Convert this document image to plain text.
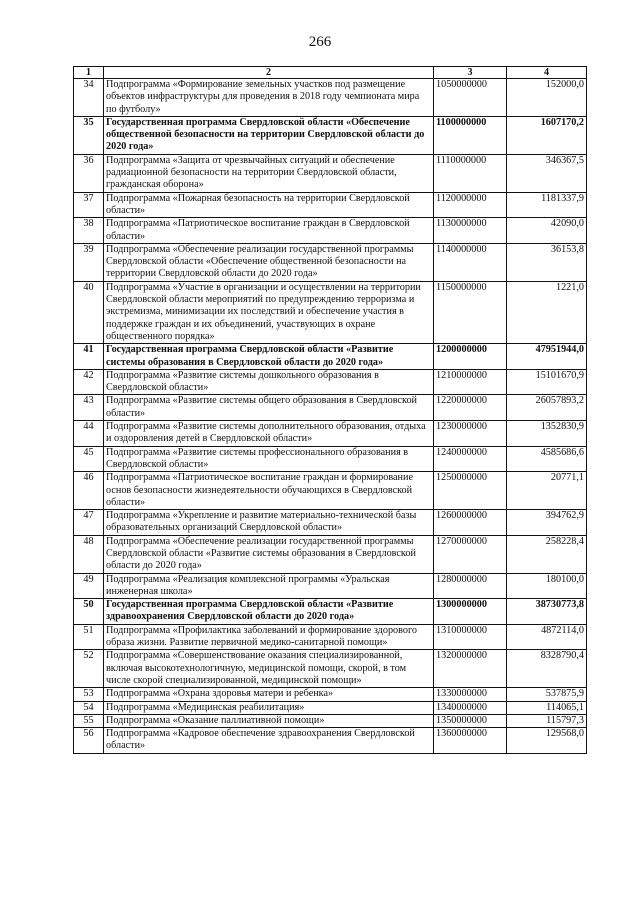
266
1	2	3	4
34	Подпрограмма «Формирование земельных участков под размещение объектов инфраструктуры для проведения в 2018 году чемпионата мира по футболу»	1050000000	152000,0
35	Государственная программа Свердловской области «Обеспечение общественной безопасности на территории Свердловской области до 2020 года»	1100000000	1607170,2
36	Подпрограмма «Защита от чрезвычайных ситуаций и обеспечение радиационной безопасности на территории Свердловской области, гражданская оборона»	1110000000	346367,5
37	Подпрограмма «Пожарная безопасность на территории Свердловской области»	1120000000	1181337,9
38	Подпрограмма «Патриотическое воспитание граждан в Свердловской области»	1130000000	42090,0
39	Подпрограмма «Обеспечение реализации государственной программы Свердловской области «Обеспечение общественной безопасности на территории Свердловской области до 2020 года»	1140000000	36153,8
40	Подпрограмма «Участие в организации и осуществлении на территории Свердловской области мероприятий по предупреждению терроризма и экстремизма, минимизации их последствий и обеспечение участия в поддержке граждан и их объединений, участвующих в охране общественного порядка»	1150000000	1221,0
41	Государственная программа Свердловской области «Развитие системы образования в Свердловской области до 2020 года»	1200000000	47951944,0
42	Подпрограмма «Развитие системы дошкольного образования в Свердловской области»	1210000000	15101670,9
43	Подпрограмма «Развитие системы общего образования в Свердловской области»	1220000000	26057893,2
44	Подпрограмма «Развитие системы дополнительного образования, отдыха и оздоровления детей в Свердловской области»	1230000000	1352830,9
45	Подпрограмма «Развитие системы профессионального образования в Свердловской области»	1240000000	4585686,6
46	Подпрограмма «Патриотическое воспитание граждан и формирование основ безопасности жизнедеятельности обучающихся в Свердловской области»	1250000000	20771,1
47	Подпрограмма «Укрепление и развитие материально-технической базы образовательных организаций Свердловской области»	1260000000	394762,9
48	Подпрограмма «Обеспечение реализации государственной программы Свердловской области «Развитие системы образования в Свердловской области до 2020 года»	1270000000	258228,4
49	Подпрограмма «Реализация комплексной программы «Уральская инженерная школа»	1280000000	180100,0
50	Государственная программа Свердловской области «Развитие здравоохранения Свердловской области до 2020 года»	1300000000	38730773,8
51	Подпрограмма «Профилактика заболеваний и формирование здорового образа жизни. Развитие первичной медико-санитарной помощи»	1310000000	4872114,0
52	Подпрограмма «Совершенствование оказания специализированной, включая высокотехнологичную, медицинской помощи, скорой, в том числе скорой специализированной, медицинской помощи»	1320000000	8328790,4
53	Подпрограмма «Охрана здоровья матери и ребенка»	1330000000	537875,9
54	Подпрограмма «Медицинская реабилитация»	1340000000	114065,1
55	Подпрограмма «Оказание паллиативной помощи»	1350000000	115797,3
56	Подпрограмма «Кадровое обеспечение здравоохранения Свердловской области»	1360000000	129568,0
